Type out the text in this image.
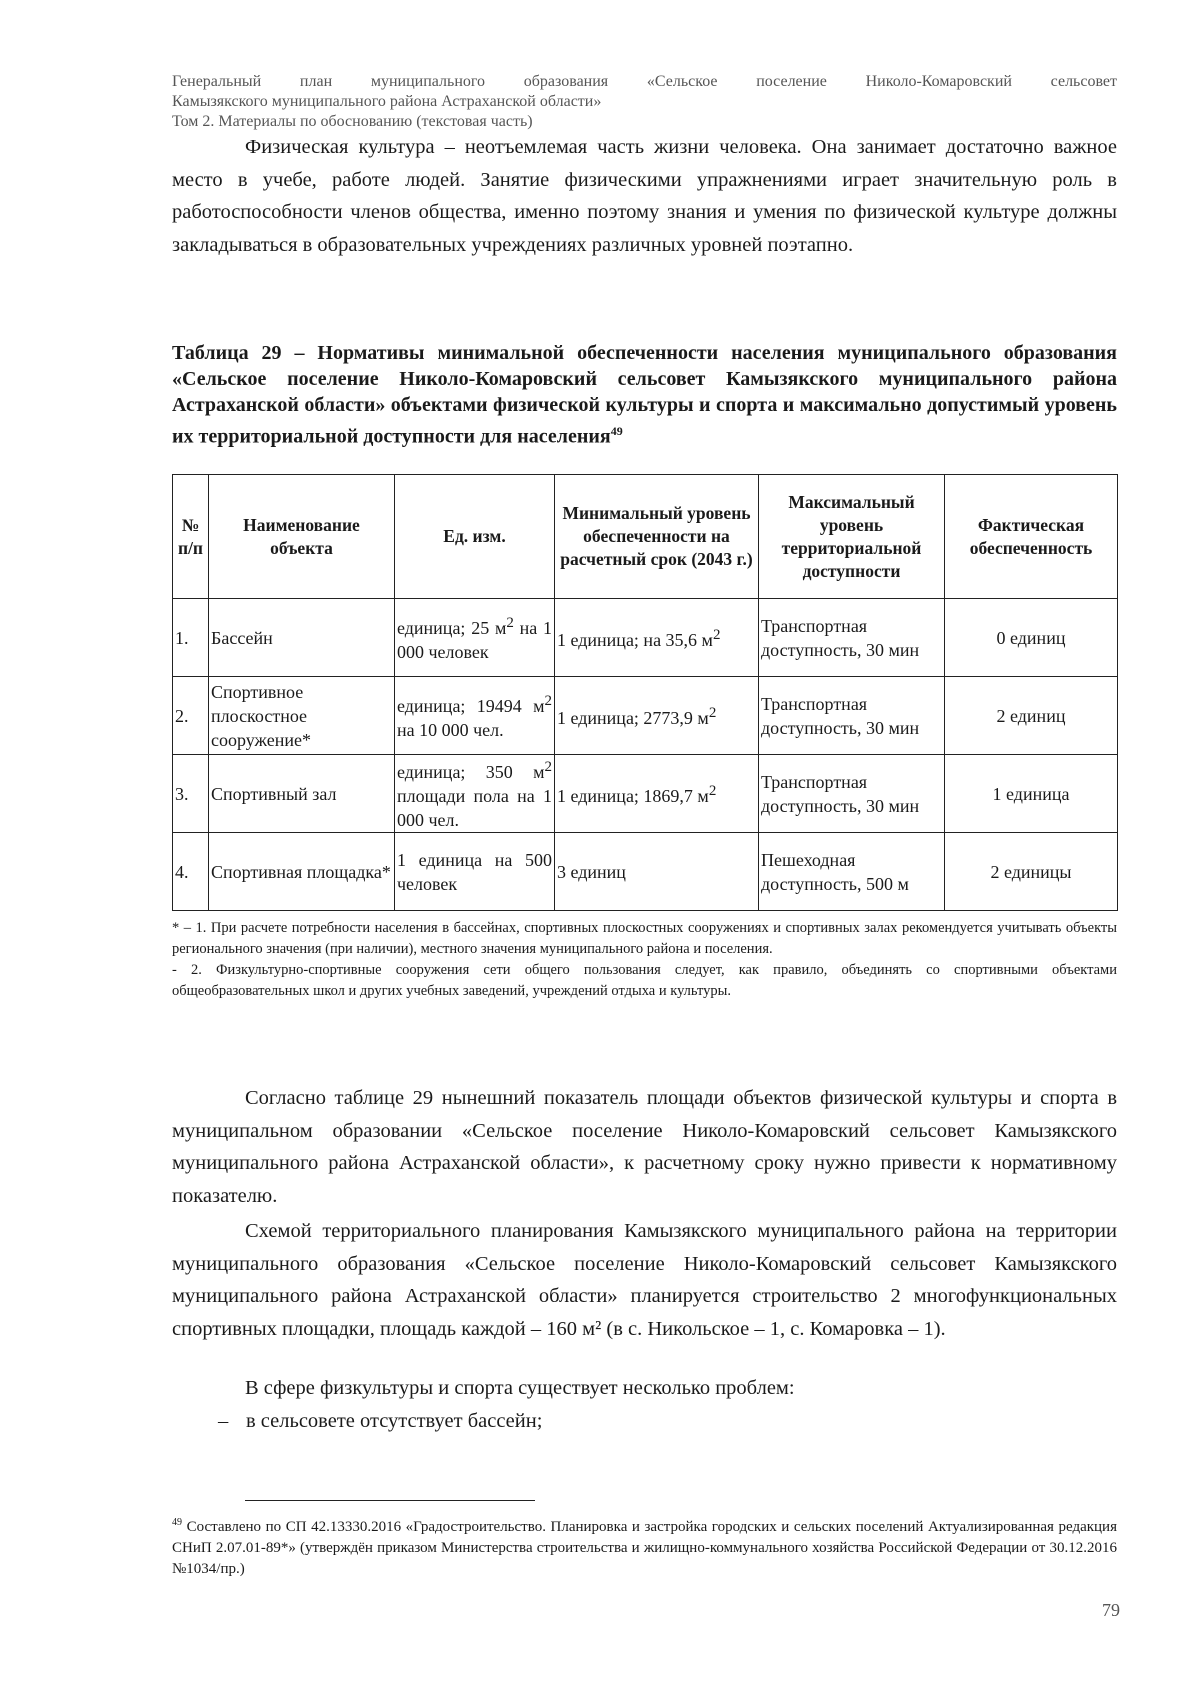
Генеральный план муниципального образования «Сельское поселение Николо-Комаровский сельсовет
Камызякского муниципального района Астраханской области»
Том 2. Материалы по обоснованию (текстовая часть)
Физическая культура – неотъемлемая часть жизни человека. Она занимает достаточно важное место в учебе, работе людей. Занятие физическими упражнениями играет значительную роль в работоспособности членов общества, именно поэтому знания и умения по физической культуре должны закладываться в образовательных учреждениях различных уровней поэтапно.
Таблица 29 – Нормативы минимальной обеспеченности населения муниципального образования «Сельское поселение Николо-Комаровский сельсовет Камызякского муниципального района Астраханской области» объектами физической культуры и спорта и максимально допустимый уровень их территориальной доступности для населения$^{49}$
№ п/п	Наименование объекта	Ед. изм.	Минимальный уровень обеспеченности на расчетный срок (2043 г.)	Максимальный уровень территориальной доступности	Фактическая обеспеченность
1.	Бассейн	единица; 25 $м^2$ на 1 000 человек	1 единица; на 35,6 $м^2$	Транспортная доступность, 30 мин	0 единиц
2.	Спортивное плоскостное сооружение*	единица; 19494 $м^2$ на 10 000 чел.	1 единица; 2773,9 $м^2$	Транспортная доступность, 30 мин	2 единиц
3.	Спортивный зал	единица; 350 $м^2$ площади пола на 1 000 чел.	1 единица; 1869,7 $м^2$	Транспортная доступность, 30 мин	1 единица
4.	Спортивная площадка*	1 единица на 500 человек	3 единиц	Пешеходная доступность, 500 м	2 единицы
* – 1. При расчете потребности населения в бассейнах, спортивных плоскостных сооружениях и спортивных залах рекомендуется учитывать объекты регионального значения (при наличии), местного значения муниципального района и поселения.
- 2. Физкультурно-спортивные сооружения сети общего пользования следует, как правило, объединять со спортивными объектами общеобразовательных школ и других учебных заведений, учреждений отдыха и культуры.
Согласно таблице 29 нынешний показатель площади объектов физической культуры и спорта в муниципальном образовании «Сельское поселение Николо-Комаровский сельсовет Камызякского муниципального района Астраханской области», к расчетному сроку нужно привести к нормативному показателю.
Схемой территориального планирования Камызякского муниципального района на территории муниципального образования «Сельское поселение Николо-Комаровский сельсовет Камызякского муниципального района Астраханской области» планируется строительство 2 многофункциональных спортивных площадки, площадь каждой – 160 м² (в с. Никольское – 1, с. Комаровка – 1).
В сфере физкультуры и спорта существует несколько проблем:
– в сельсовете отсутствует бассейн;
$^{49}$ Составлено по СП 42.13330.2016 «Градостроительство. Планировка и застройка городских и сельских поселений Актуализированная редакция СНиП 2.07.01-89*» (утверждён приказом Министерства строительства и жилищно-коммунального хозяйства Российской Федерации от 30.12.2016 №1034/пр.)
79
